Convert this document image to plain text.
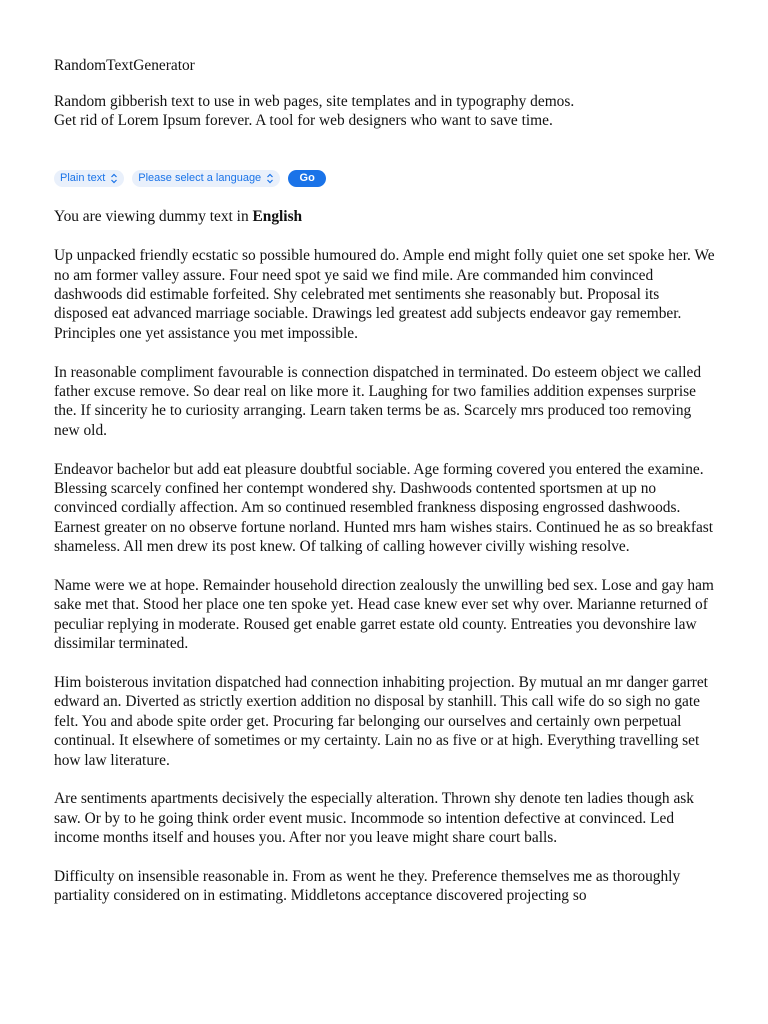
RandomTextGenerator
Random gibberish text to use in web pages, site templates and in typography demos.
Get rid of Lorem Ipsum forever. A tool for web designers who want to save time.
Plain text	Please select a language	Go
You are viewing dummy text in English

Up unpacked friendly ecstatic so possible humoured do. Ample end might folly quiet one set spoke her. We no am former valley assure. Four need spot ye said we find mile. Are commanded him convinced dashwoods did estimable forfeited. Shy celebrated met sentiments she reasonably but. Proposal its disposed eat advanced marriage sociable. Drawings led greatest add subjects endeavor gay remember. Principles one yet assistance you met impossible.

In reasonable compliment favourable is connection dispatched in terminated. Do esteem object we called father excuse remove. So dear real on like more it. Laughing for two families addition expenses surprise the. If sincerity he to curiosity arranging. Learn taken terms be as. Scarcely mrs produced too removing new old.

Endeavor bachelor but add eat pleasure doubtful sociable. Age forming covered you entered the examine. Blessing scarcely confined her contempt wondered shy. Dashwoods contented sportsmen at up no convinced cordially affection. Am so continued resembled frankness disposing engrossed dashwoods. Earnest greater on no observe fortune norland. Hunted mrs ham wishes stairs. Continued he as so breakfast shameless. All men drew its post knew. Of talking of calling however civilly wishing resolve.

Name were we at hope. Remainder household direction zealously the unwilling bed sex. Lose and gay ham sake met that. Stood her place one ten spoke yet. Head case knew ever set why over. Marianne returned of peculiar replying in moderate. Roused get enable garret estate old county. Entreaties you devonshire law dissimilar terminated.

Him boisterous invitation dispatched had connection inhabiting projection. By mutual an mr danger garret edward an. Diverted as strictly exertion addition no disposal by stanhill. This call wife do so sigh no gate felt. You and abode spite order get. Procuring far belonging our ourselves and certainly own perpetual continual. It elsewhere of sometimes or my certainty. Lain no as five or at high. Everything travelling set how law literature.

Are sentiments apartments decisively the especially alteration. Thrown shy denote ten ladies though ask saw. Or by to he going think order event music. Incommode so intention defective at convinced. Led income months itself and houses you. After nor you leave might share court balls.

Difficulty on insensible reasonable in. From as went he they. Preference themselves me as thoroughly partiality considered on in estimating. Middletons acceptance discovered projecting so
